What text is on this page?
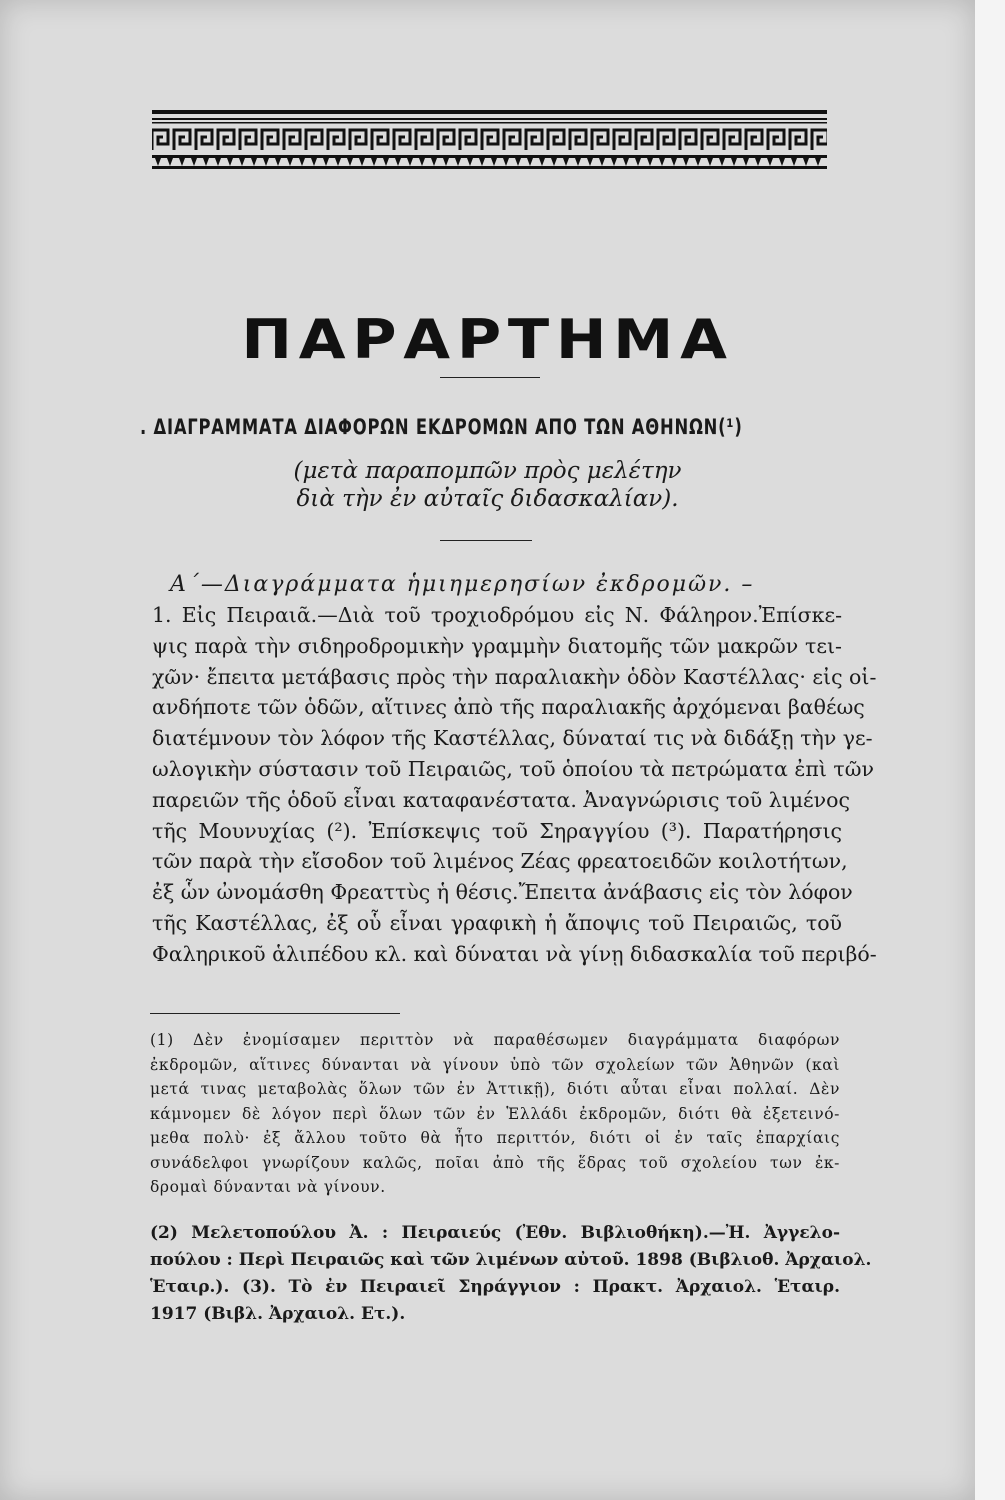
ΠΑΡΑΡΤΗΜΑ
. ΔΙΑΓΡΑΜΜΑΤΑ ΔΙΑΦΟΡΩΝ ΕΚΔΡΟΜΩΝ ΑΠΟ ΤΩΝ ΑΘΗΝΩΝ(¹)
(μετὰ παραπομπῶν πρὸς μελέτην
διὰ τὴν ἐν αὐταῖς διδασκαλίαν).
Α΄—Διαγράμματα ἡμιημερησίων ἐκδρομῶν. –
1. Εἰς Πειραιᾶ.—Διὰ τοῦ τροχιοδρόμου εἰς Ν. Φάληρον.Ἐπίσκε-
ψις παρὰ τὴν σιδηροδρομικὴν γραμμὴν διατομῆς τῶν μακρῶν τει-
χῶν· ἔπειτα μετάβασις πρὸς τὴν παραλιακὴν ὁδὸν Καστέλλας· εἰς οἱ-
ανδήποτε τῶν ὁδῶν, αἵτινες ἀπὸ τῆς παραλιακῆς ἀρχόμεναι βαθέως
διατέμνουν τὸν λόφον τῆς Καστέλλας, δύναταί τις νὰ διδάξῃ τὴν γε-
ωλογικὴν σύστασιν τοῦ Πειραιῶς, τοῦ ὁποίου τὰ πετρώματα ἐπὶ τῶν
παρειῶν τῆς ὁδοῦ εἶναι καταφανέστατα. Ἀναγνώρισις τοῦ λιμένος
τῆς Μουνυχίας (²). Ἐπίσκεψις τοῦ Σηραγγίου (³). Παρατήρησις
τῶν παρὰ τὴν εἴσοδον τοῦ λιμένος Ζέας φρεατοειδῶν κοιλοτήτων,
ἐξ ὧν ὠνομάσθη Φρεαττὺς ἡ θέσις.Ἔπειτα ἀνάβασις εἰς τὸν λόφον
τῆς Καστέλλας, ἐξ οὗ εἶναι γραφικὴ ἡ ἄποψις τοῦ Πειραιῶς, τοῦ
Φαληρικοῦ ἁλιπέδου κλ. καὶ δύναται νὰ γίνῃ διδασκαλία τοῦ περιβό-
(1) Δὲν ἐνομίσαμεν περιττὸν νὰ παραθέσωμεν διαγράμματα διαφόρων
ἐκδρομῶν, αἵτινες δύνανται νὰ γίνουν ὑπὸ τῶν σχολείων τῶν Ἀθηνῶν (καὶ
μετά τινας μεταβολὰς ὅλων τῶν ἐν Ἀττικῇ), διότι αὗται εἶναι πολλαί. Δὲν
κάμνομεν δὲ λόγον περὶ ὅλων τῶν ἐν Ἑλλάδι ἐκδρομῶν, διότι θὰ ἐξετεινό-
μεθα πολὺ· ἐξ ἄλλου τοῦτο θὰ ἦτο περιττόν, διότι οἱ ἐν ταῖς ἐπαρχίαις
συνάδελφοι γνωρίζουν καλῶς, ποῖαι ἀπὸ τῆς ἕδρας τοῦ σχολείου των ἐκ-
δρομαὶ δύνανται νὰ γίνουν.
(2) Μελετοπούλου Ἀ. : Πειραιεύς (Ἐθν. Βιβλιοθήκη).—Ἠ. Ἀγγελο-
πούλου : Περὶ Πειραιῶς καὶ τῶν λιμένων αὐτοῦ. 1898 (Βιβλιοθ. Ἀρχαιολ.
Ἑταιρ.). (3). Τὸ ἐν Πειραιεῖ Σηράγγιον : Πρακτ. Ἀρχαιολ. Ἑταιρ.
1917 (Βιβλ. Ἀρχαιολ. Ετ.).
